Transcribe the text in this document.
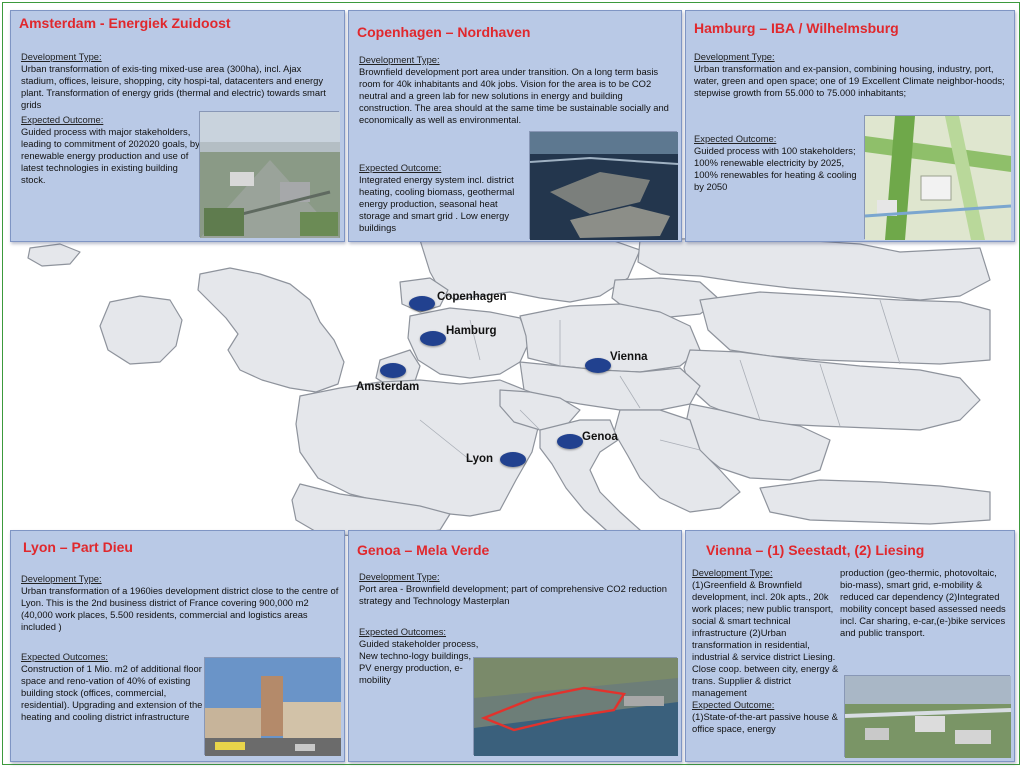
Copenhagen
Hamburg
Vienna
Amsterdam
Genoa
Lyon
Amsterdam - Energiek Zuidoost

Development Type:

Urban transformation of exis-ting mixed-use area (300ha), incl. Ajax stadium, offices, leisure, shopping, city hospi-tal, datacenters and energy plant. Transformation of energy grids (thermal and electric) towards smart grids

Expected Outcome:

Guided process with major stakeholders, leading to commitment of 202020 goals, by renewable energy production and use of latest technologies in existing building stock.

Copenhagen – Nordhaven

Development Type:

Brownfield development port area under transition. On a long term basis room for 40k inhabitants and 40k jobs. Vision for the area is to be CO2 neutral and a green lab for new solutions in energy and building construction. The area should at the same time be sustainable socially and economically as well as environmental.

Expected Outcome:

Integrated energy system incl. district heating, cooling biomass, geothermal energy production, seasonal heat storage and smart grid . Low energy buildings

Hamburg – IBA / Wilhelmsburg

Development Type:

Urban transformation and ex-pansion, combining housing, industry, port, water, green and open space; one of 19 Excellent Climate neighbor-hoods; stepwise growth from 55.000 to 75.000 inhabitants;

Expected Outcome:

Guided process with 100 stakeholders; 100% renewable electricity by 2025, 100% renewables for heating & cooling by 2050

Lyon – Part Dieu

Development Type:

Urban transformation of a 1960ies development district close to the centre of Lyon. This is the 2nd business district of France covering 900,000 m2 (40,000 work places, 5.500 residents, commercial and logistics areas included )

Expected Outcomes:

Construction of 1 Mio. m2 of additional floor space and reno-vation of 40% of existing building stock (offices, commercial, residential). Upgrading and extension of the heating and cooling district infrastructure

Genoa – Mela Verde

Development Type:

Port area - Brownfield development; part of comprehensive CO2 reduction strategy and Technology Masterplan

Expected Outcomes:

Guided stakeholder process, New techno-logy buildings, PV energy production, e-mobility

Vienna – (1) Seestadt, (2) Liesing

Development Type:

(1)Greenfield & Brownfield development, incl. 20k apts., 20k work places; new public transport, social & smart technical infrastructure (2)Urban transformation in residential, industrial & service district Liesing. Close coop. between city, energy & trans. Supplier & district management

Expected Outcome:

(1)State-of-the-art passive house & office space, energy

production (geo-thermic, photovoltaic, bio-mass), smart grid, e-mobility & reduced car dependency (2)Integrated mobility concept based assessed needs incl. Car sharing, e-car,(e-)bike services and public transport.
